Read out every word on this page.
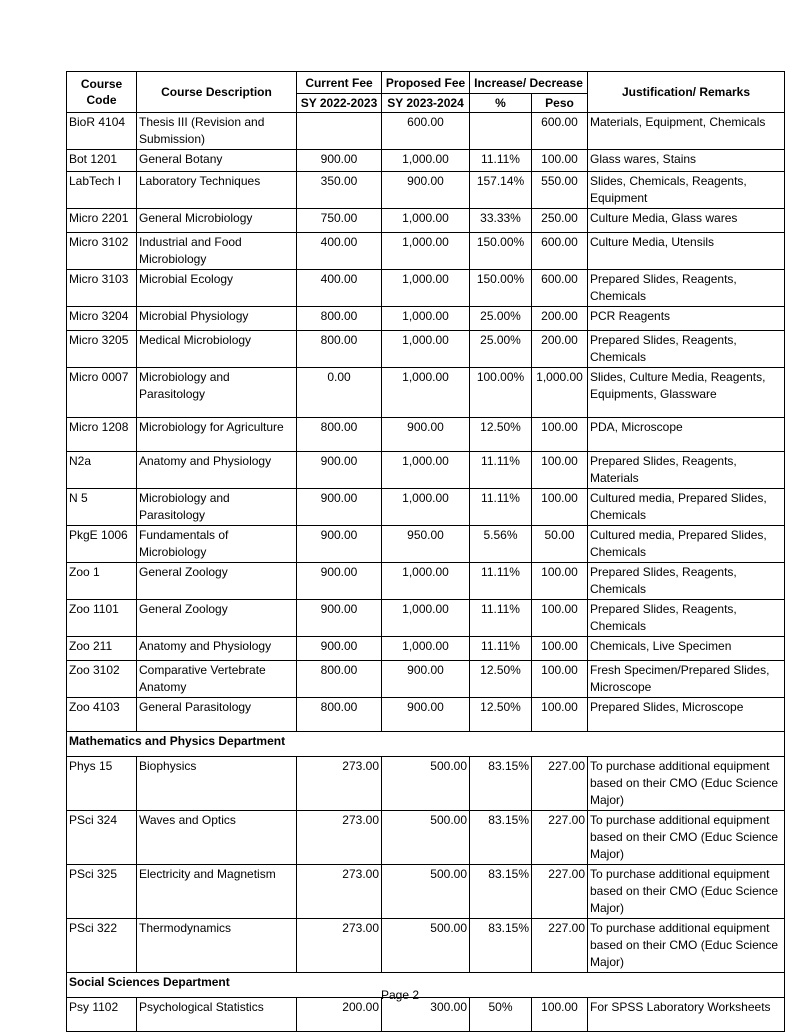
Course Code	Course Description	Current Fee	Proposed Fee	Increase/ Decrease		Justification/ Remarks
		SY 2022-2023	SY 2023-2024	%	Peso	
BioR 4104	Thesis III (Revision and Submission)		600.00		600.00	Materials, Equipment, Chemicals
Bot 1201	General Botany	900.00	1,000.00	11.11%	100.00	Glass wares, Stains
LabTech I	Laboratory Techniques	350.00	900.00	157.14%	550.00	Slides, Chemicals, Reagents, Equipment
Micro 2201	General Microbiology	750.00	1,000.00	33.33%	250.00	Culture Media, Glass wares
Micro 3102	Industrial and Food Microbiology	400.00	1,000.00	150.00%	600.00	Culture Media, Utensils
Micro 3103	Microbial Ecology	400.00	1,000.00	150.00%	600.00	Prepared Slides, Reagents, Chemicals
Micro 3204	Microbial Physiology	800.00	1,000.00	25.00%	200.00	PCR Reagents
Micro 3205	Medical Microbiology	800.00	1,000.00	25.00%	200.00	Prepared Slides, Reagents, Chemicals
Micro 0007	Microbiology and Parasitology	0.00	1,000.00	100.00%	1,000.00	Slides, Culture Media, Reagents, Equipments, Glassware
Micro 1208	Microbiology for Agriculture	800.00	900.00	12.50%	100.00	PDA, Microscope
N2a	Anatomy and Physiology	900.00	1,000.00	11.11%	100.00	Prepared Slides, Reagents, Materials
N 5	Microbiology and Parasitology	900.00	1,000.00	11.11%	100.00	Cultured media, Prepared Slides, Chemicals
PkgE 1006	Fundamentals of Microbiology	900.00	950.00	5.56%	50.00	Cultured media, Prepared Slides, Chemicals
Zoo 1	General Zoology	900.00	1,000.00	11.11%	100.00	Prepared Slides, Reagents, Chemicals
Zoo 1101	General Zoology	900.00	1,000.00	11.11%	100.00	Prepared Slides, Reagents, Chemicals
Zoo 211	Anatomy and Physiology	900.00	1,000.00	11.11%	100.00	Chemicals, Live Specimen
Zoo 3102	Comparative Vertebrate Anatomy	800.00	900.00	12.50%	100.00	Fresh Specimen/Prepared Slides, Microscope
Zoo 4103	General Parasitology	800.00	900.00	12.50%	100.00	Prepared Slides, Microscope
Mathematics and Physics Department						
Phys 15	Biophysics	273.00	500.00	83.15%	227.00	To purchase additional equipment based on their CMO (Educ Science Major)
PSci 324	Waves and Optics	273.00	500.00	83.15%	227.00	To purchase additional equipment based on their CMO (Educ Science Major)
PSci 325	Electricity and Magnetism	273.00	500.00	83.15%	227.00	To purchase additional equipment based on their CMO (Educ Science Major)
PSci 322	Thermodynamics	273.00	500.00	83.15%	227.00	To purchase additional equipment based on their CMO (Educ Science Major)
Social Sciences Department						
Psy 1102	Psychological Statistics	200.00	300.00	50%	100.00	For SPSS Laboratory Worksheets
Page 2
